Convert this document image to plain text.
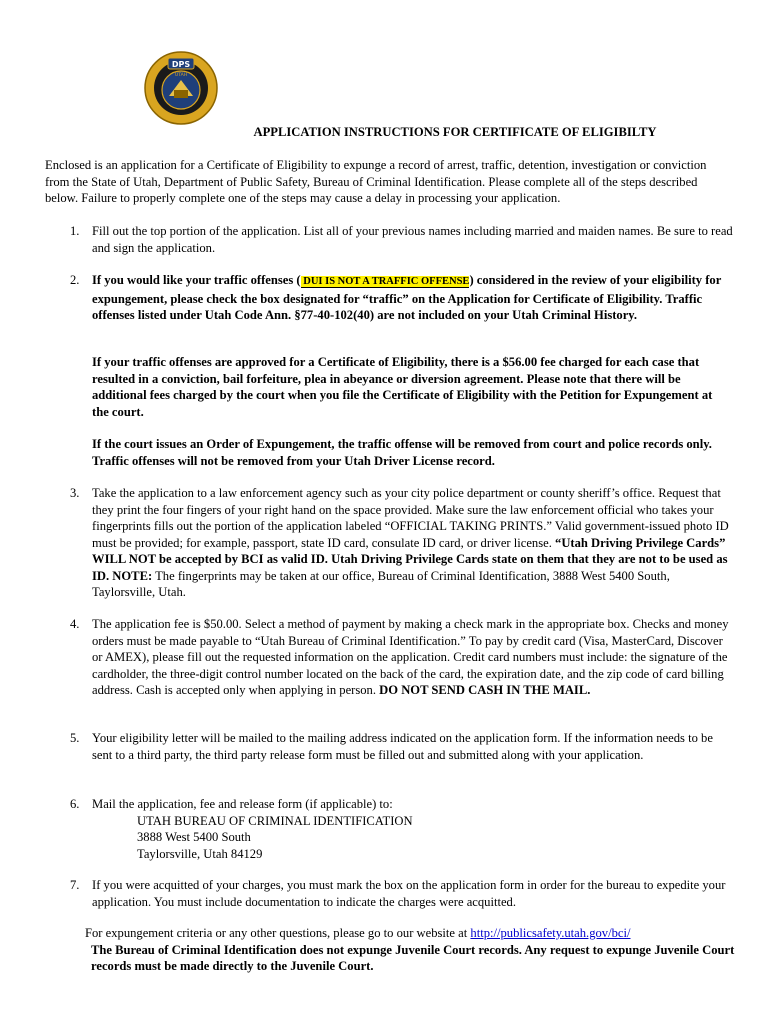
DPS
UTAH
APPLICATION INSTRUCTIONS FOR CERTIFICATE OF ELIGIBILTY
Enclosed is an application for a Certificate of Eligibility to expunge a record of arrest, traffic, detention, investigation or conviction from the State of Utah, Department of Public Safety, Bureau of Criminal Identification. Please complete all of the steps described below. Failure to properly complete one of the steps may cause a delay in processing your application.
1. Fill out the top portion of the application. List all of your previous names including married and maiden names. Be sure to read and sign the application.
2. If you would like your traffic offenses ( DUI IS NOT A TRAFFIC OFFENSE) considered in the review of your eligibility for expungement, please check the box designated for “traffic” on the Application for Certificate of Eligibility. Traffic offenses listed under Utah Code Ann. §77-40-102(40) are not included on your Utah Criminal History.
If your traffic offenses are approved for a Certificate of Eligibility, there is a $56.00 fee charged for each case that resulted in a conviction, bail forfeiture, plea in abeyance or diversion agreement. Please note that there will be additional fees charged by the court when you file the Certificate of Eligibility with the Petition for Expungement at the court.
If the court issues an Order of Expungement, the traffic offense will be removed from court and police records only. Traffic offenses will not be removed from your Utah Driver License record.
3. Take the application to a law enforcement agency such as your city police department or county sheriff’s office. Request that they print the four fingers of your right hand on the space provided. Make sure the law enforcement official who takes your fingerprints fills out the portion of the application labeled “OFFICIAL TAKING PRINTS.” Valid government-issued photo ID must be provided; for example, passport, state ID card, consulate ID card, or driver license. “Utah Driving Privilege Cards” WILL NOT be accepted by BCI as valid ID. Utah Driving Privilege Cards state on them that they are not to be used as ID. NOTE: The fingerprints may be taken at our office, Bureau of Criminal Identification, 3888 West 5400 South, Taylorsville, Utah.
4. The application fee is $50.00. Select a method of payment by making a check mark in the appropriate box. Checks and money orders must be made payable to “Utah Bureau of Criminal Identification.” To pay by credit card (Visa, MasterCard, Discover or AMEX), please fill out the requested information on the application. Credit card numbers must include: the signature of the cardholder, the three-digit control number located on the back of the card, the expiration date, and the zip code of card billing address. Cash is accepted only when applying in person. DO NOT SEND CASH IN THE MAIL.
5. Your eligibility letter will be mailed to the mailing address indicated on the application form. If the information needs to be sent to a third party, the third party release form must be filled out and submitted along with your application.
6. Mail the application, fee and release form (if applicable) to:
UTAH BUREAU OF CRIMINAL IDENTIFICATION
3888 West 5400 South
Taylorsville, Utah 84129
7. If you were acquitted of your charges, you must mark the box on the application form in order for the bureau to expedite your application. You must include documentation to indicate the charges were acquitted.
For expungement criteria or any other questions, please go to our website at http://publicsafety.utah.gov/bci/
The Bureau of Criminal Identification does not expunge Juvenile Court records. Any request to expunge Juvenile Court records must be made directly to the Juvenile Court.
